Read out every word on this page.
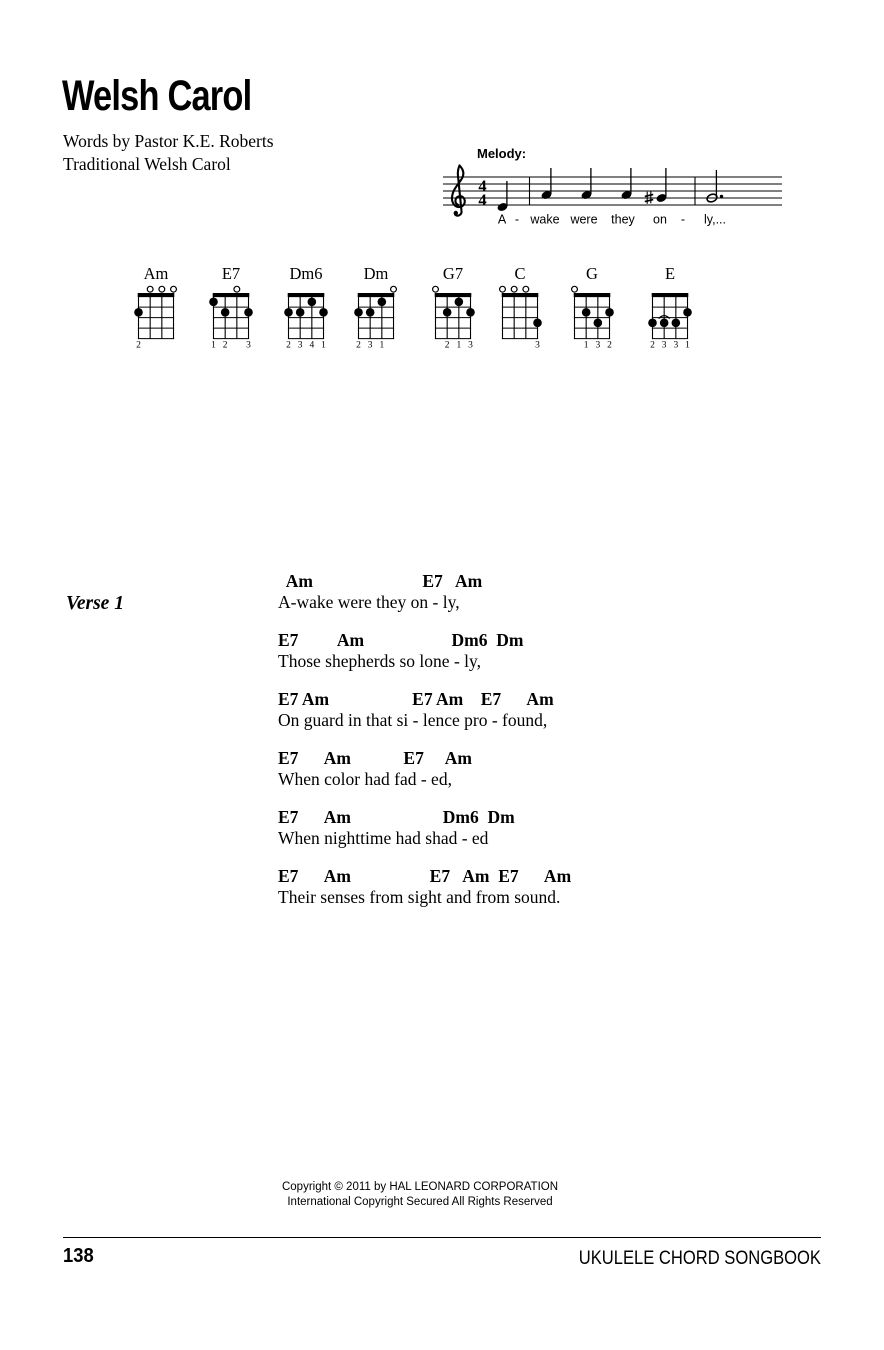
Welsh Carol
Words by Pastor K.E. Roberts
Traditional Welsh Carol	Melody:
4
4
A - wake were they on - ly,...
Am
2
E7
1 2 3
Dm6
2 3 4 1
Dm
2 3 1
G7
2 1 3
C
3
G
1 3 2
E
2 3 3 1
Verse 1
Am                         E7   Am
A-wake were they on - ly,
E7         Am                    Dm6  Dm
Those shepherds so lone - ly,
E7 Am                   E7 Am    E7      Am
On guard in that si - lence pro - found,
E7      Am            E7     Am
When color had fad - ed,
E7      Am                     Dm6  Dm
When nighttime had shad - ed
E7      Am                  E7   Am  E7      Am
Their senses from sight and from sound.
Copyright © 2011 by HAL LEONARD CORPORATION
International Copyright Secured All Rights Reserved
138	UKULELE CHORD SONGBOOK
